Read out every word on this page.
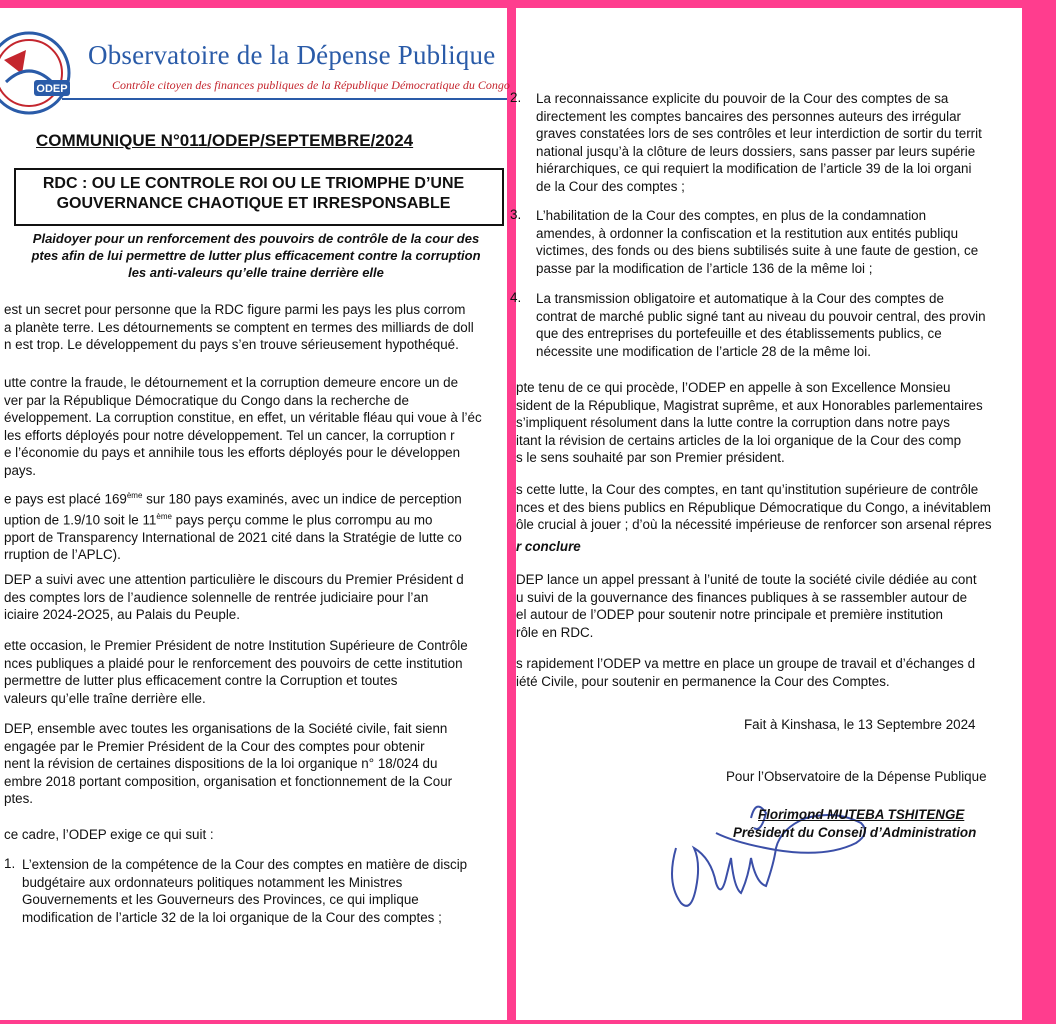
ODEP
Observatoire de la Dépense Publique
Contrôle citoyen des finances publiques de la République Démocratique du Congo
COMMUNIQUE N°011/ODEP/SEPTEMBRE/2024
RDC : OU LE CONTROLE ROI OU LE TRIOMPHE D’UNE
GOUVERNANCE CHAOTIQUE ET IRRESPONSABLE
Plaidoyer pour un renforcement des pouvoirs de contrôle de la cour des
ptes afin de lui permettre de lutter plus efficacement contre la corruption
les anti-valeurs qu’elle traine derrière elle
est un secret pour personne que la RDC figure parmi les pays les plus corrom
a planète terre. Les détournements se comptent en termes des milliards de doll
n est trop. Le développement du pays s’en trouve sérieusement hypothéqué.
utte contre la fraude, le détournement et la corruption demeure encore un de
ver par la République Démocratique du Congo dans la recherche de
éveloppement. La corruption constitue, en effet, un véritable fléau qui voue à l’éc
les efforts déployés pour notre développement. Tel un cancer, la corruption r
e l’économie du pays et annihile tous les efforts déployés pour le développen
pays.
e pays est placé 169ème sur 180 pays examinés, avec un indice de perception
uption de 1.9/10 soit le 11ème pays perçu comme le plus corrompu au mo
pport de Transparency International de 2021 cité dans la Stratégie de lutte co
rruption de l’APLC).
DEP a suivi avec une attention particulière le discours du Premier Président d
des comptes lors de l’audience solennelle de rentrée judiciaire pour l’an
iciaire 2024-2O25, au Palais du Peuple.
ette occasion, le Premier Président de notre Institution Supérieure de Contrôle
nces publiques a plaidé pour le renforcement des pouvoirs de cette institution
permettre de lutter plus efficacement contre la Corruption et toutes
valeurs qu’elle traîne derrière elle.
DEP, ensemble avec toutes les organisations de la Société civile, fait sienn
engagée par le Premier Président de la Cour des comptes pour obtenir
nent la révision de certaines dispositions de la loi organique n° 18/024 du
embre 2018 portant composition, organisation et fonctionnement de la Cour
ptes.
ce cadre, l’ODEP exige ce qui suit :
1. L’extension de la compétence de la Cour des comptes en matière de discip
budgétaire aux ordonnateurs politiques notamment les Ministres
Gouvernements et les Gouverneurs des Provinces, ce qui implique
modification de l’article 32 de la loi organique de la Cour des comptes ;
2. La reconnaissance explicite du pouvoir de la Cour des comptes de sa
directement les comptes bancaires des personnes auteurs des irrégular
graves constatées lors de ses contrôles et leur interdiction de sortir du territ
national jusqu’à la clôture de leurs dossiers, sans passer par leurs supérie
hiérarchiques, ce qui requiert la modification de l’article 39 de la loi organi
de la Cour des comptes ;
3. L’habilitation de la Cour des comptes, en plus de la condamnation
amendes, à ordonner la confiscation et la restitution aux entités publiqu
victimes, des fonds ou des biens subtilisés suite à une faute de gestion, ce
passe par la modification de l’article 136 de la même loi ;
4. La transmission obligatoire et automatique à la Cour des comptes de
contrat de marché public signé tant au niveau du pouvoir central, des provin
que des entreprises du portefeuille et des établissements publics, ce
nécessite une modification de l’article 28 de la même loi.
pte tenu de ce qui procède, l’ODEP en appelle à son Excellence Monsieu
sident de la République, Magistrat suprême, et aux Honorables parlementaires
s’impliquent résolument dans la lutte contre la corruption dans notre pays
itant la révision de certains articles de la loi organique de la Cour des comp
s le sens souhaité par son Premier président.
s cette lutte, la Cour des comptes, en tant qu’institution supérieure de contrôle
nces et des biens publics en République Démocratique du Congo, a inévitablem
ôle crucial à jouer ; d’où la nécessité impérieuse de renforcer son arsenal répres
r conclure
DEP lance un appel pressant à l’unité de toute la société civile dédiée au cont
u suivi de la gouvernance des finances publiques à se rassembler autour de
el autour de l’ODEP pour soutenir notre principale et première institution
rôle en RDC.
s rapidement l’ODEP va mettre en place un groupe de travail et d’échanges d
iété Civile, pour soutenir en permanence la Cour des Comptes.
Fait à Kinshasa, le 13 Septembre 2024
Pour l’Observatoire de la Dépense Publique
Florimond MUTEBA TSHITENGE
Président du Conseil d’Administration
